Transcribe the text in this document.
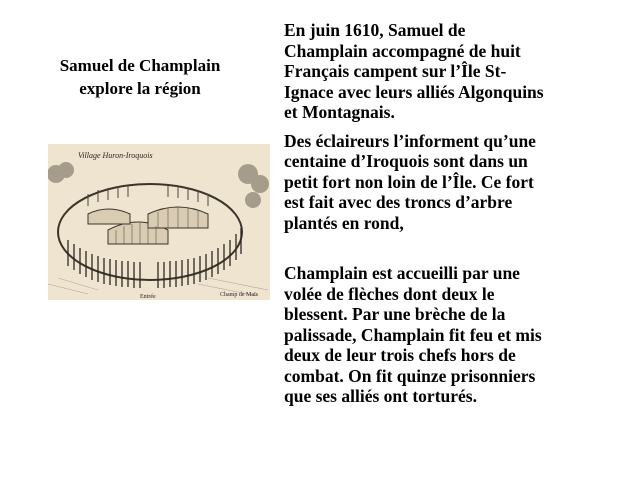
Samuel de Champlain
explore la région
Village Huron-Iroquois
Entrée	Champ de Maïs

En juin 1610, Samuel de
Champlain accompagné de huit
Français campent sur l’Île St-
Ignace avec leurs alliés Algonquins
et Montagnais.

Des éclaireurs l’informent qu’une
centaine d’Iroquois sont dans un
petit fort non loin de l’Île. Ce fort
est fait avec des troncs d’arbre
plantés en rond,

Champlain est accueilli par une
volée de flèches dont deux le
blessent. Par une brèche de la
palissade, Champlain fit feu et mis
deux de leur trois chefs hors de
combat. On fit quinze prisonniers
que ses alliés ont torturés.
